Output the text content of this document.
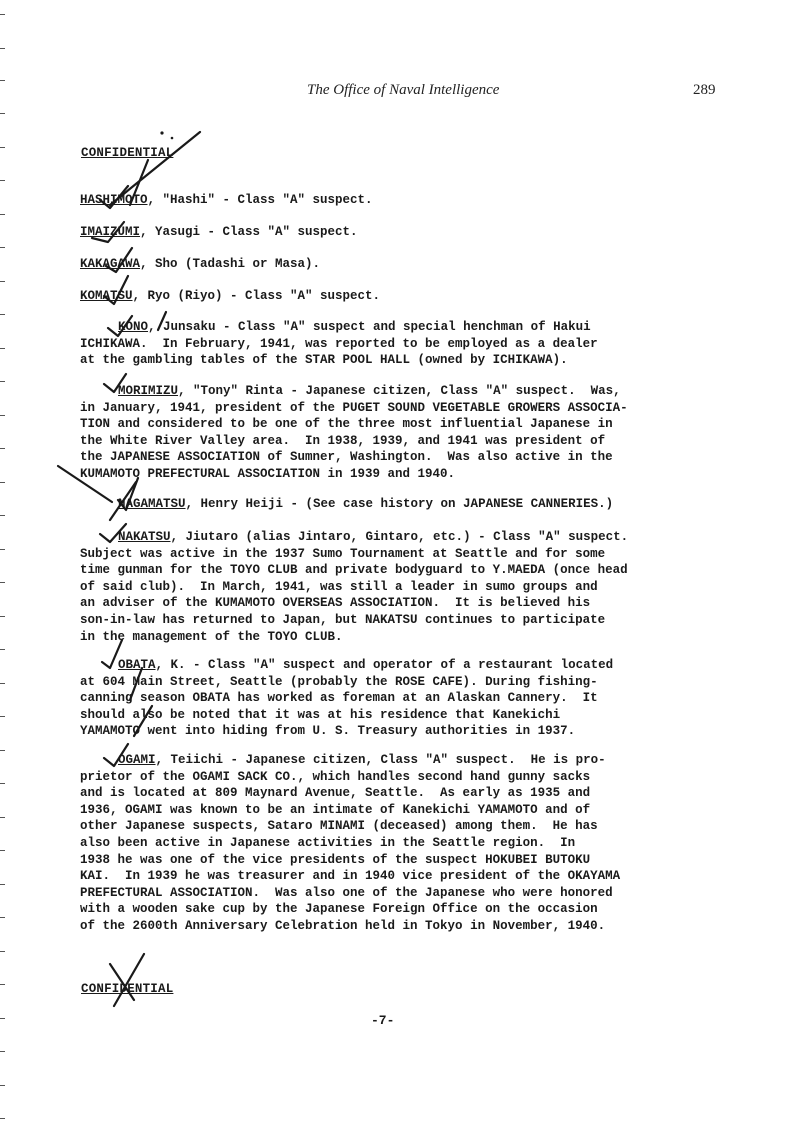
The Office of Naval Intelligence	289
CONFIDENTIAL

HASHIMOTO, "Hashi" - Class "A" suspect.

IMAIZUMI, Yasugi - Class "A" suspect.

KAKAGAWA, Sho (Tadashi or Masa).

KOMATSU, Ryo (Riyo) - Class "A" suspect.

KONO, Junsaku - Class "A" suspect and special henchman of Hakui

ICHIKAWA.  In February, 1941, was reported to be employed as a dealer

at the gambling tables of the STAR POOL HALL (owned by ICHIKAWA).

MORIMIZU, "Tony" Rinta - Japanese citizen, Class "A" suspect.  Was,

in January, 1941, president of the PUGET SOUND VEGETABLE GROWERS ASSOCIA-

TION and considered to be one of the three most influential Japanese in

the White River Valley area.  In 1938, 1939, and 1941 was president of

the JAPANESE ASSOCIATION of Sumner, Washington.  Was also active in the

KUMAMOTO PREFECTURAL ASSOCIATION in 1939 and 1940.

NAGAMATSU, Henry Heiji - (See case history on JAPANESE CANNERIES.)

NAKATSU, Jiutaro (alias Jintaro, Gintaro, etc.) - Class "A" suspect.

Subject was active in the 1937 Sumo Tournament at Seattle and for some

time gunman for the TOYO CLUB and private bodyguard to Y.MAEDA (once head

of said club).  In March, 1941, was still a leader in sumo groups and

an adviser of the KUMAMOTO OVERSEAS ASSOCIATION.  It is believed his

son-in-law has returned to Japan, but NAKATSU continues to participate

in the management of the TOYO CLUB.

OBATA, K. - Class "A" suspect and operator of a restaurant located

at 604 Main Street, Seattle (probably the ROSE CAFE). During fishing-

canning season OBATA has worked as foreman at an Alaskan Cannery.  It

should also be noted that it was at his residence that Kanekichi

YAMAMOTO went into hiding from U. S. Treasury authorities in 1937.

OGAMI, Teiichi - Japanese citizen, Class "A" suspect.  He is pro-

prietor of the OGAMI SACK CO., which handles second hand gunny sacks

and is located at 809 Maynard Avenue, Seattle.  As early as 1935 and

1936, OGAMI was known to be an intimate of Kanekichi YAMAMOTO and of

other Japanese suspects, Sataro MINAMI (deceased) among them.  He has

also been active in Japanese activities in the Seattle region.  In

1938 he was one of the vice presidents of the suspect HOKUBEI BUTOKU

KAI.  In 1939 he was treasurer and in 1940 vice president of the OKAYAMA

PREFECTURAL ASSOCIATION.  Was also one of the Japanese who were honored

with a wooden sake cup by the Japanese Foreign Office on the occasion

of the 2600th Anniversary Celebration held in Tokyo in November, 1940.

CONFIDENTIAL
-7-
